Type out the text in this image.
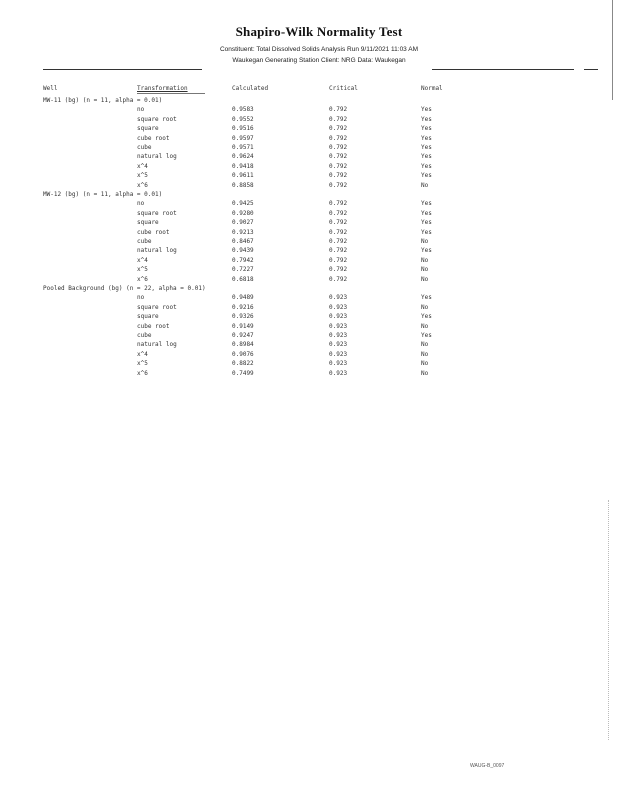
Shapiro-Wilk Normality Test
Constituent: Total Dissolved Solids Analysis Run 9/11/2021 11:03 AM
Waukegan Generating Station Client: NRG Data: Waukegan
Well	Transformation	Calculated	Critical	Normal
MW-11 (bg) (n = 11, alpha = 0.01)
no	0.9583	0.792	Yes
square root	0.9552	0.792	Yes
square	0.9516	0.792	Yes
cube root	0.9597	0.792	Yes
cube	0.9571	0.792	Yes
natural log	0.9624	0.792	Yes
x^4	0.9418	0.792	Yes
x^5	0.9611	0.792	Yes
x^6	0.8858	0.792	No
MW-12 (bg) (n = 11, alpha = 0.01)
no	0.9425	0.792	Yes
square root	0.9280	0.792	Yes
square	0.9027	0.792	Yes
cube root	0.9213	0.792	Yes
cube	0.8467	0.792	No
natural log	0.9439	0.792	Yes
x^4	0.7942	0.792	No
x^5	0.7227	0.792	No
x^6	0.6818	0.792	No
Pooled Background (bg) (n = 22, alpha = 0.01)
no	0.9489	0.923	Yes
square root	0.9216	0.923	No
square	0.9326	0.923	Yes
cube root	0.9149	0.923	No
cube	0.9247	0.923	Yes
natural log	0.8984	0.923	No
x^4	0.9076	0.923	No
x^5	0.8822	0.923	No
x^6	0.7499	0.923	No
WAUG-B_0097
